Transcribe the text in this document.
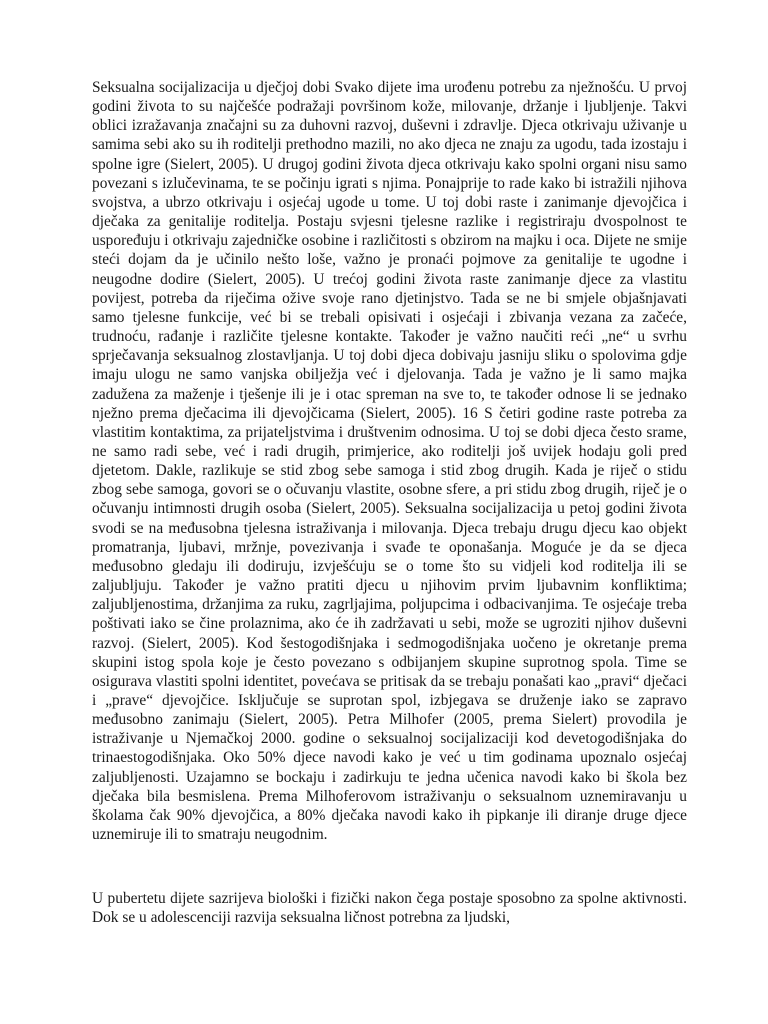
Seksualna socijalizacija u dječjoj dobi Svako dijete ima urođenu potrebu za nježnošću. U prvoj godini života to su najčešće podražaji površinom kože, milovanje, držanje i ljubljenje. Takvi oblici izražavanja značajni su za duhovni razvoj, duševni i zdravlje. Djeca otkrivaju uživanje u samima sebi ako su ih roditelji prethodno mazili, no ako djeca ne znaju za ugodu, tada izostaju i spolne igre (Sielert, 2005). U drugoj godini života djeca otkrivaju kako spolni organi nisu samo povezani s izlučevinama, te se počinju igrati s njima. Ponajprije to rade kako bi istražili njihova svojstva, a ubrzo otkrivaju i osjećaj ugode u tome. U toj dobi raste i zanimanje djevojčica i dječaka za genitalije roditelja. Postaju svjesni tjelesne razlike i registriraju dvospolnost te uspoređuju i otkrivaju zajedničke osobine i različitosti s obzirom na majku i oca. Dijete ne smije steći dojam da je učinilo nešto loše, važno je pronaći pojmove za genitalije te ugodne i neugodne dodire (Sielert, 2005). U trećoj godini života raste zanimanje djece za vlastitu povijest, potreba da riječima ožive svoje rano djetinjstvo. Tada se ne bi smjele objašnjavati samo tjelesne funkcije, već bi se trebali opisivati i osjećaji i zbivanja vezana za začeće, trudnoću, rađanje i različite tjelesne kontakte. Također je važno naučiti reći „ne“ u svrhu sprječavanja seksualnog zlostavljanja. U toj dobi djeca dobivaju jasniju sliku o spolovima gdje imaju ulogu ne samo vanjska obilježja već i djelovanja. Tada je važno je li samo majka zadužena za maženje i tješenje ili je i otac spreman na sve to, te također odnose li se jednako nježno prema dječacima ili djevojčicama (Sielert, 2005). 16 S četiri godine raste potreba za vlastitim kontaktima, za prijateljstvima i društvenim odnosima. U toj se dobi djeca često srame, ne samo radi sebe, već i radi drugih, primjerice, ako roditelji još uvijek hodaju goli pred djetetom. Dakle, razlikuje se stid zbog sebe samoga i stid zbog drugih. Kada je riječ o stidu zbog sebe samoga, govori se o očuvanju vlastite, osobne sfere, a pri stidu zbog drugih, riječ je o očuvanju intimnosti drugih osoba (Sielert, 2005). Seksualna socijalizacija u petoj godini života svodi se na međusobna tjelesna istraživanja i milovanja. Djeca trebaju drugu djecu kao objekt promatranja, ljubavi, mržnje, povezivanja i svađe te oponašanja. Moguće je da se djeca međusobno gledaju ili dodiruju, izvješćuju se o tome što su vidjeli kod roditelja ili se zaljubljuju. Također je važno pratiti djecu u njihovim prvim ljubavnim konfliktima; zaljubljenostima, držanjima za ruku, zagrljajima, poljupcima i odbacivanjima. Te osjećaje treba poštivati iako se čine prolaznima, ako će ih zadržavati u sebi, može se ugroziti njihov duševni razvoj. (Sielert, 2005). Kod šestogodišnjaka i sedmogodišnjaka uočeno je okretanje prema skupini istog spola koje je često povezano s odbijanjem skupine suprotnog spola. Time se osigurava vlastiti spolni identitet, povećava se pritisak da se trebaju ponašati kao „pravi“ dječaci i „prave“ djevojčice. Isključuje se suprotan spol, izbjegava se druženje iako se zapravo međusobno zanimaju (Sielert, 2005). Petra Milhofer (2005, prema Sielert) provodila je istraživanje u Njemačkoj 2000. godine o seksualnoj socijalizaciji kod devetogodišnjaka do trinaestogodišnjaka. Oko 50% djece navodi kako je već u tim godinama upoznalo osjećaj zaljubljenosti. Uzajamno se bockaju i zadirkuju te jedna učenica navodi kako bi škola bez dječaka bila besmislena. Prema Milhoferovom istraživanju o seksualnom uznemiravanju u školama čak 90% djevojčica, a 80% dječaka navodi kako ih pipkanje ili diranje druge djece uznemiruje ili to smatraju neugodnim.

U pubertetu dijete sazrijeva biološki i fizički nakon čega postaje sposobno za spolne aktivnosti. Dok se u adolescenciji razvija seksualna ličnost potrebna za ljudski,
